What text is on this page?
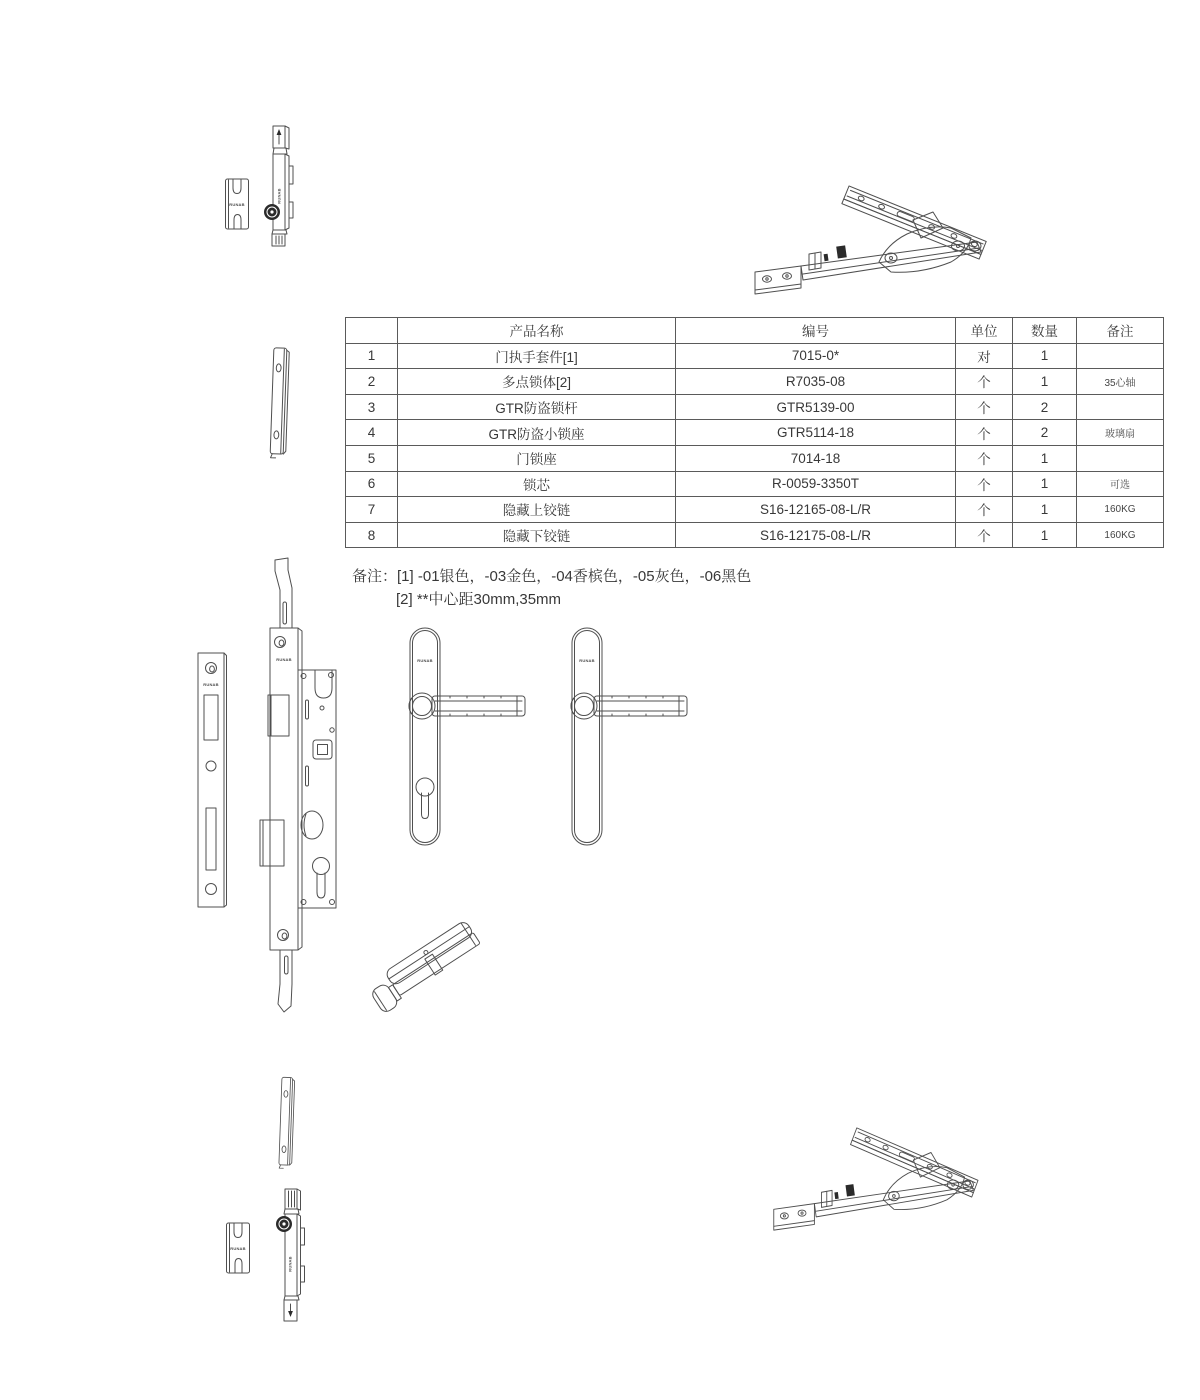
RUNAB
RUNAB
	产品名称	编号	单位	数量	备注
1	门执手套件[1]	7015-0*	对	1	
2	多点锁体[2]	R7035-08	个	1	35心轴
3	GTR防盗锁杆	GTR5139-00	个	2	
4	GTR防盗小锁座	GTR5114-18	个	2	玻璃扇
5	门锁座	7014-18	个	1	
6	锁芯	R-0059-3350T	个	1	可选
7	隐藏上铰链	S16-12165-08-L/R	个	1	160KG
8	隐藏下铰链	S16-12175-08-L/R	个	1	160KG
备注：[1] -01银色，-03金色，-04香槟色，-05灰色，-06黑色
[2] **中心距30mm,35mm
RUNAB
RUNAB	RUNAB	RUNAB
RUNAB
RUNAB
